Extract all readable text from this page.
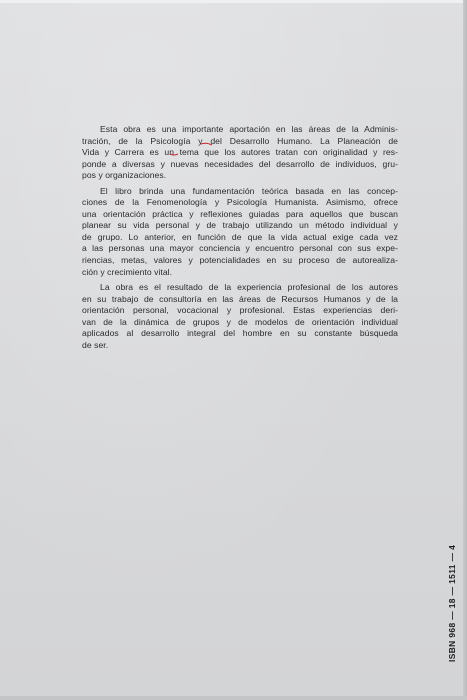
Esta obra es una importante aportación en las áreas de la Adminis-
tración, de la Psicología y del Desarrollo Humano. La Planeación de
Vida y Carrera es un tema que los autores tratan con originalidad y res-
ponde a diversas y nuevas necesidades del desarrollo de individuos, gru-
pos y organizaciones.
El libro brinda una fundamentación teórica basada en las concep-
ciones de la Fenomenología y Psicología Humanista. Asimismo, ofrece
una orientación práctica y reflexiones guiadas para aquellos que buscan
planear su vida personal y de trabajo utilizando un método individual y
de grupo. Lo anterior, en función de que la vida actual exige cada vez
a las personas una mayor conciencia y encuentro personal con sus expe-
riencias, metas, valores y potencialidades en su proceso de autorealiza-
ción y crecimiento vital.
La obra es el resultado de la experiencia profesional de los autores
en su trabajo de consultoría en las áreas de Recursos Humanos y de la
orientación personal, vocacional y profesional. Estas experiencias deri-
van de la dinámica de grupos y de modelos de orientación individual
aplicados al desarrollo integral del hombre en su constante búsqueda
de ser.
ISBN 968 — 18 — 1511 — 4
